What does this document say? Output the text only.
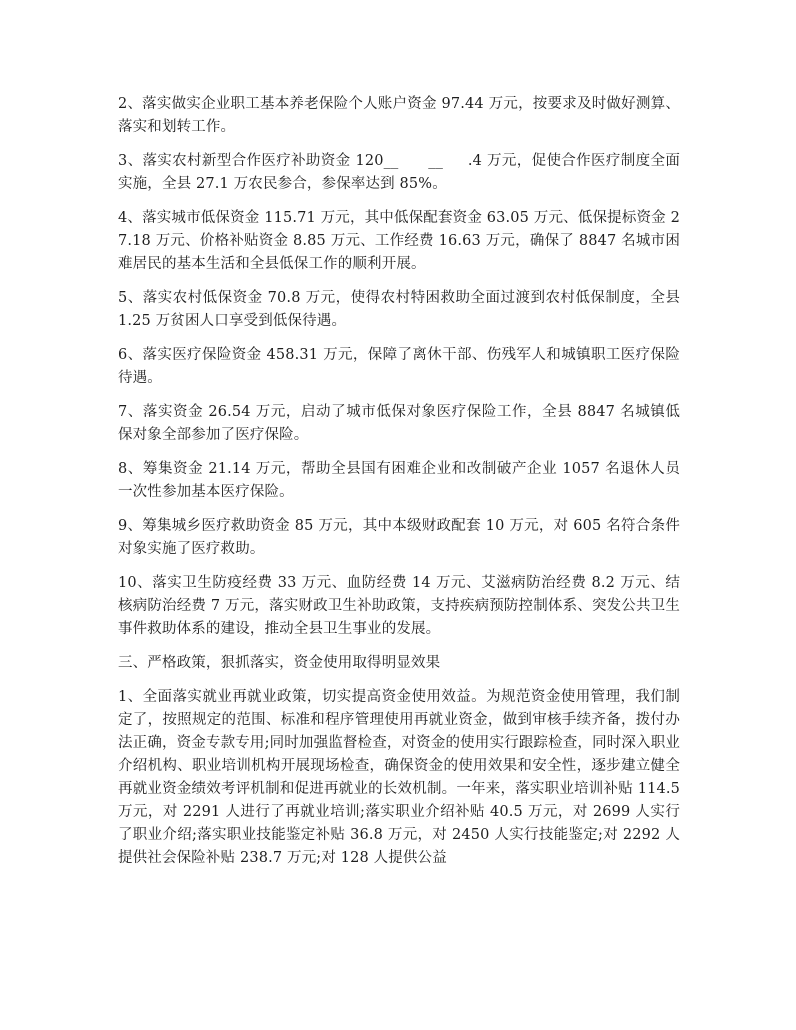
2、落实做实企业职工基本养老保险个人账户资金 97.44 万元，按要求及时做好测算、落实和划转工作。

3、落实农村新型合作医疗补助资金 120__      __     .4 万元，促使合作医疗制度全面实施，全县 27.1 万农民参合，参保率达到 85%。

4、落实城市低保资金 115.71 万元，其中低保配套资金 63.05 万元、低保提标资金 27.18 万元、价格补贴资金 8.85 万元、工作经费 16.63 万元，确保了 8847 名城市困难居民的基本生活和全县低保工作的顺利开展。

5、落实农村低保资金 70.8 万元，使得农村特困救助全面过渡到农村低保制度，全县 1.25 万贫困人口享受到低保待遇。

6、落实医疗保险资金 458.31 万元，保障了离休干部、伤残军人和城镇职工医疗保险待遇。

7、落实资金 26.54 万元，启动了城市低保对象医疗保险工作，全县 8847 名城镇低保对象全部参加了医疗保险。

8、筹集资金 21.14 万元，帮助全县国有困难企业和改制破产企业 1057 名退休人员一次性参加基本医疗保险。

9、筹集城乡医疗救助资金 85 万元，其中本级财政配套 10 万元，对 605 名符合条件对象实施了医疗救助。

10、落实卫生防疫经费 33 万元、血防经费 14 万元、艾滋病防治经费 8.2 万元、结核病防治经费 7 万元，落实财政卫生补助政策，支持疾病预防控制体系、突发公共卫生事件救助体系的建设，推动全县卫生事业的发展。

三、严格政策，狠抓落实，资金使用取得明显效果

1、全面落实就业再就业政策，切实提高资金使用效益。为规范资金使用管理，我们制定了，按照规定的范围、标准和程序管理使用再就业资金，做到审核手续齐备，拨付办法正确，资金专款专用;同时加强监督检查，对资金的使用实行跟踪检查，同时深入职业介绍机构、职业培训机构开展现场检查，确保资金的使用效果和安全性，逐步建立健全再就业资金绩效考评机制和促进再就业的长效机制。一年来，落实职业培训补贴 114.5 万元，对 2291 人进行了再就业培训;落实职业介绍补贴 40.5 万元，对 2699 人实行了职业介绍;落实职业技能鉴定补贴 36.8 万元，对 2450 人实行技能鉴定;对 2292 人提供社会保险补贴 238.7 万元;对 128 人提供公益
